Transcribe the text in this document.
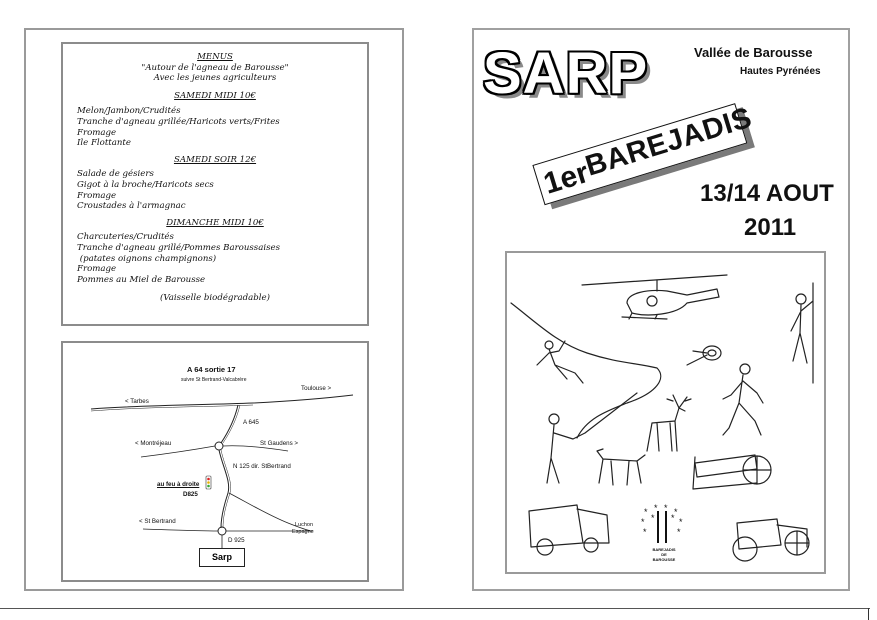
MENUS
"Autour de l'agneau de Barousse"
Avec les jeunes agriculteurs
SAMEDI MIDI 10€
Melon/Jambon/Crudités
Tranche d'agneau grillée/Haricots verts/Frites
Fromage
Ile Flottante
SAMEDI SOIR 12€
Salade de gésiers
Gigot à la broche/Haricots secs
Fromage
Croustades à l'armagnac
DIMANCHE MIDI 10€
Charcuteries/Crudités
Tranche d'agneau grillé/Pommes Baroussaises
(patates oignons champignons)
Fromage
Pommes au Miel de Barousse
(Vaisselle biodégradable)
A 64 sortie 17
suivre St Bertrand-Valcabrère
Toulouse >
< Tarbes
A 645
< Montréjeau	St Gaudens >
N 125 dir. StBertrand
au feu à droite
D825
< St Bertrand	Luchon
Espagne
D 925
Sarp
SARP	Vallée de Barousse
Hautes Pyrénées
1erBAREJADIS
13/14 AOUT
2011
* * * *
* * * *
*	*
BAREJADIS
DE
BAROUSSE
